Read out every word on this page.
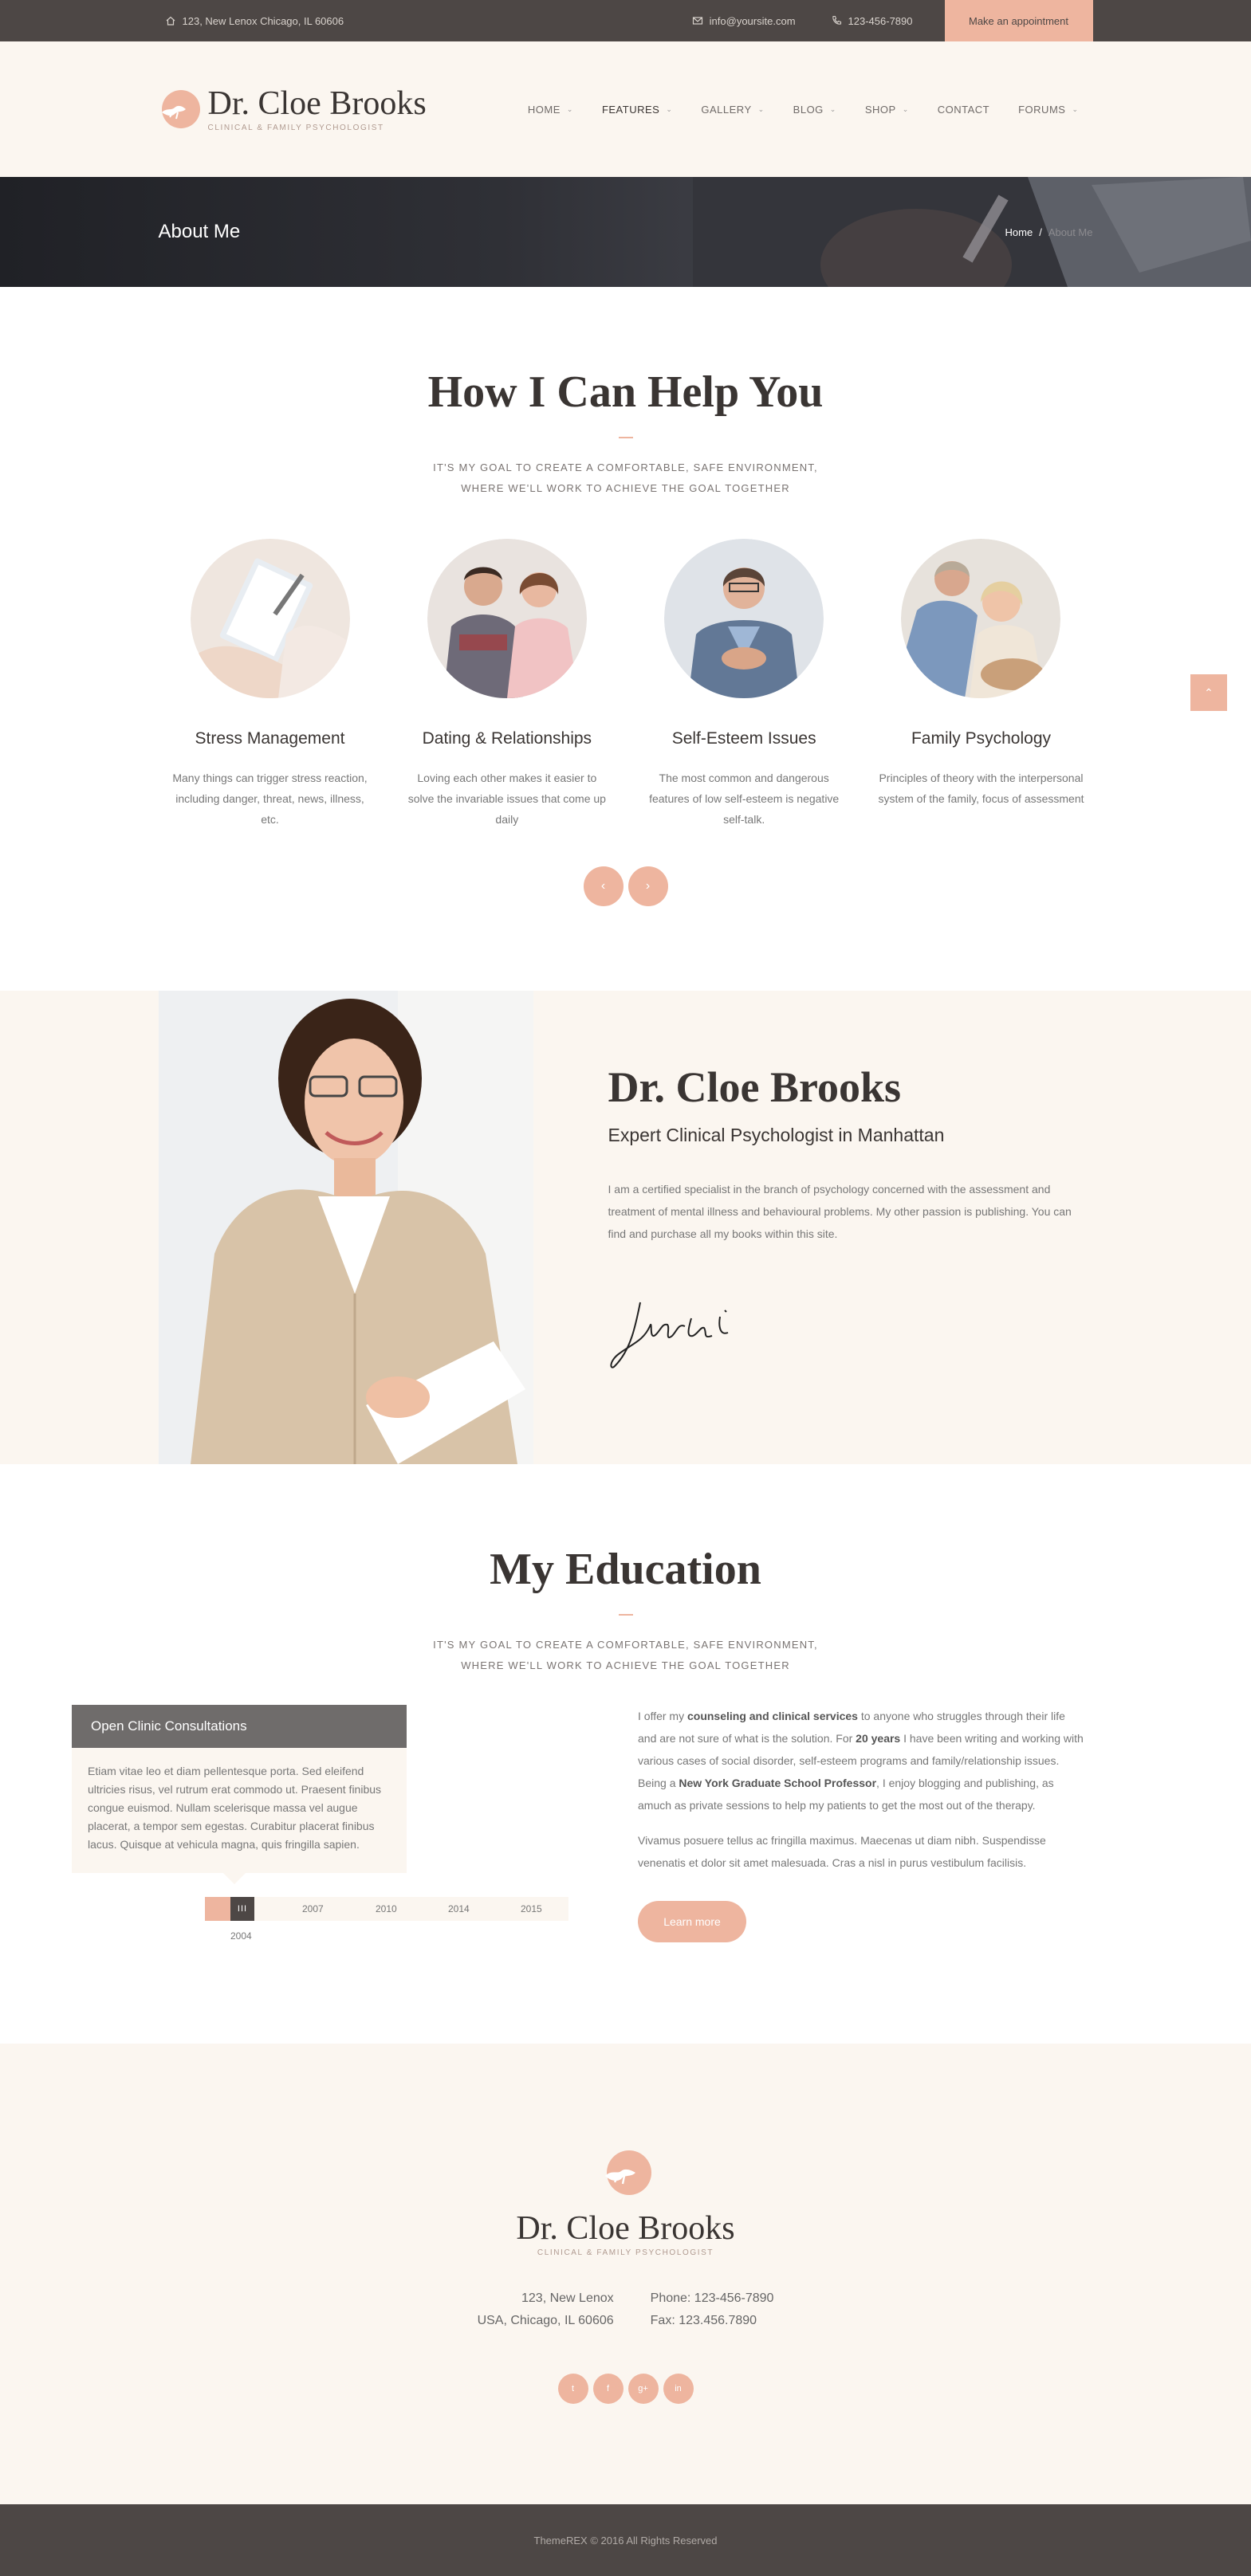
123, New Lenox Chicago, IL 60606	info@yoursite.com	123-456-7890	Make an appointment
Dr. Cloe Brooks
CLINICAL & FAMILY PSYCHOLOGIST
HOME ⌄	FEATURES ⌄	GALLERY ⌄	BLOG ⌄	SHOP ⌄	CONTACT	FORUMS ⌄
About Me	Home / About Me
How I Can Help You
IT'S MY GOAL TO CREATE A COMFORTABLE, SAFE ENVIRONMENT,
WHERE WE'LL WORK TO ACHIEVE THE GOAL TOGETHER
Stress Management
Many things can trigger stress reaction, including danger, threat, news, illness, etc.
Dating & Relationships
Loving each other makes it easier to solve the invariable issues that come up daily
Self-Esteem Issues
The most common and dangerous features of low self-esteem is negative self-talk.
Family Psychology
Principles of theory with the interpersonal system of the family, focus of assessment
‹	›
⌃
Dr. Cloe Brooks
Expert Clinical Psychologist in Manhattan

I am a certified specialist in the branch of psychology concerned with the assessment and treatment of mental illness and behavioural problems. My other passion is publishing. You can find and purchase all my books within this site.

My Education
IT'S MY GOAL TO CREATE A COMFORTABLE, SAFE ENVIRONMENT,
WHERE WE'LL WORK TO ACHIEVE THE GOAL TOGETHER
Open Clinic Consultations
Etiam vitae leo et diam pellentesque porta. Sed eleifend ultricies risus, vel rutrum erat commodo ut. Praesent finibus congue euismod. Nullam scelerisque massa vel augue placerat, a tempor sem egestas. Curabitur placerat finibus lacus. Quisque at vehicula magna, quis fringilla sapien.
III	2007	2010	2014	2015
2004

I offer my counseling and clinical services to anyone who struggles through their life and are not sure of what is the solution. For 20 years I have been writing and working with various cases of social disorder, self-esteem programs and family/relationship issues. Being a New York Graduate School Professor, I enjoy blogging and publishing, as amuch as private sessions to help my patients to get the most out of the therapy.

Vivamus posuere tellus ac fringilla maximus. Maecenas ut diam nibh. Suspendisse venenatis et dolor sit amet malesuada. Cras a nisl in purus vestibulum facilisis.

Learn more
Dr. Cloe Brooks
CLINICAL & FAMILY PSYCHOLOGIST
123, New Lenox
USA, Chicago, IL 60606
Phone: 123-456-7890
Fax: 123.456.7890
t	f	g+	in
ThemeREX © 2016 All Rights Reserved
